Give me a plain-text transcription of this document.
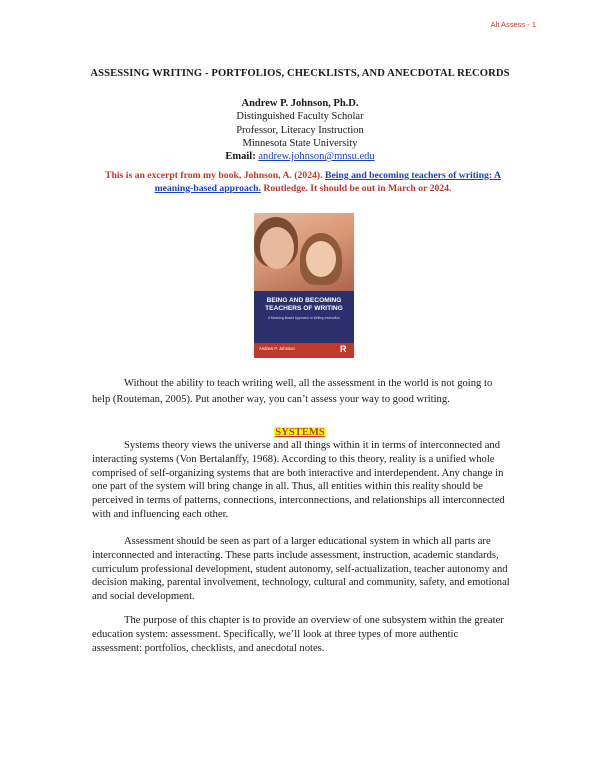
Alt Assess - 1
ASSESSING WRITING - PORTFOLIOS, CHECKLISTS, AND ANECDOTAL RECORDS
Andrew P. Johnson, Ph.D.
Distinguished Faculty Scholar
Professor, Literacy Instruction
Minnesota State University
Email: andrew.johnson@mnsu.edu
This is an excerpt from my book, Johnson, A. (2024). Being and becoming teachers of writing: A meaning-based approach. Routledge. It should be out in March or 2024.
BEING AND BECOMING TEACHERS OF WRITING
A Meaning-Based Approach to Writing Instruction
Andrew P. Johnson	R

Without the ability to teach writing well, all the assessment in the world is not going to help (Routeman, 2005). Put another way, you can’t assess your way to good writing.

SYSTEMS

Systems theory views the universe and all things within it in terms of interconnected and interacting systems (Von Bertalanffy, 1968). According to this theory, reality is a unified whole comprised of self-organizing systems that are both interactive and interdependent. Any change in one part of the system will bring change in all. Thus, all entities within this reality should be perceived in terms of patterns, connections, interconnections, and relationships all interconnected with and influencing each other.

Assessment should be seen as part of a larger educational system in which all parts are interconnected and interacting. These parts include assessment, instruction, academic standards, curriculum professional development, student autonomy, self-actualization, teacher autonomy and decision making, parental involvement, technology, cultural and community, safety, and emotional and social development.

The purpose of this chapter is to provide an overview of one subsystem within the greater education system: assessment. Specifically, we’ll look at three types of more authentic assessment: portfolios, checklists, and anecdotal notes.
